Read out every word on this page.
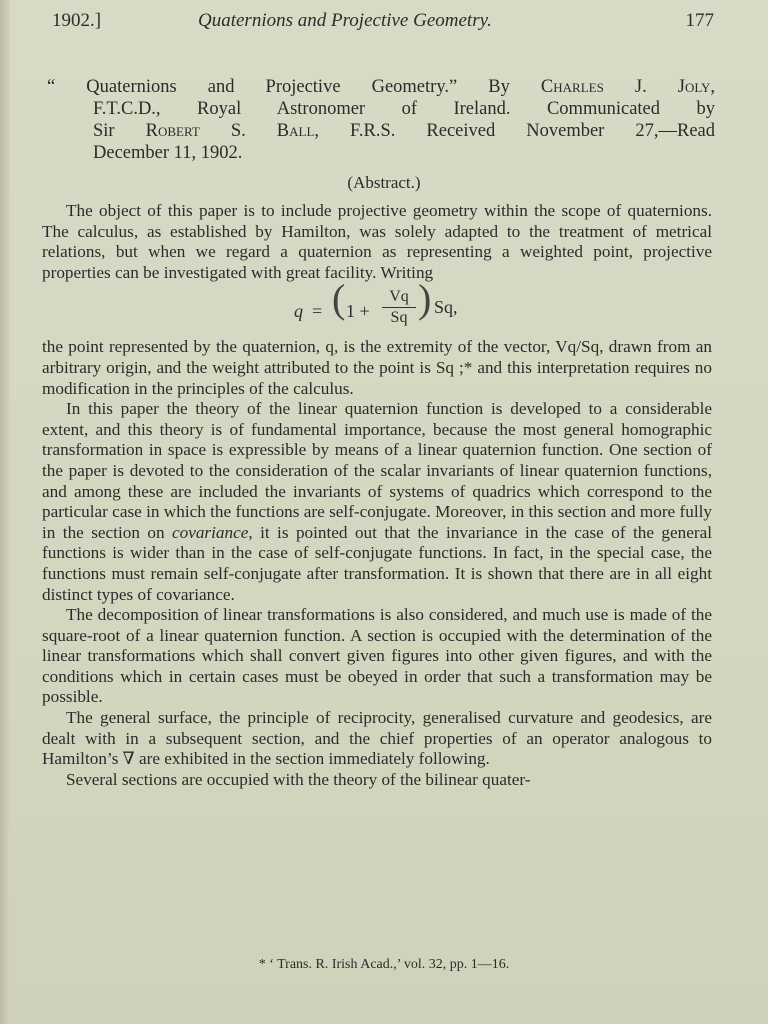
1902.]	Quaternions and Projective Geometry.	177
“ Quaternions and Projective Geometry.” By Charles J. Joly,
F.T.C.D., Royal Astronomer of Ireland. Communicated by
Sir Robert S. Ball, F.R.S. Received November 27,—Read
December 11, 1902.
(Abstract.)

The object of this paper is to include projective geometry within the scope of quaternions. The calculus, as established by Hamilton, was solely adapted to the treatment of metrical relations, but when we regard a quaternion as representing a weighted point, projective properties can be investigated with great facility. Writing

q = ( $1 + \frac{Vq}{Sq}$ ) Sq,

the point represented by the quaternion, q, is the extremity of the vector, Vq/Sq, drawn from an arbitrary origin, and the weight attributed to the point is Sq ;* and this interpretation requires no modification in the principles of the calculus.

In this paper the theory of the linear quaternion function is developed to a considerable extent, and this theory is of fundamental importance, because the most general homographic transformation in space is expressible by means of a linear quaternion function. One section of the paper is devoted to the consideration of the scalar invariants of linear quaternion functions, and among these are included the invariants of systems of quadrics which correspond to the particular case in which the functions are self-conjugate. Moreover, in this section and more fully in the section on covariance, it is pointed out that the invariance in the case of the general functions is wider than in the case of self-conjugate functions. In fact, in the special case, the functions must remain self-conjugate after transformation. It is shown that there are in all eight distinct types of covariance.

The decomposition of linear transformations is also considered, and much use is made of the square-root of a linear quaternion function. A section is occupied with the determination of the linear transformations which shall convert given figures into other given figures, and with the conditions which in certain cases must be obeyed in order that such a transformation may be possible.

The general surface, the principle of reciprocity, generalised curvature and geodesics, are dealt with in a subsequent section, and the chief properties of an operator analogous to Hamilton’s ∇ are exhibited in the section immediately following.

Several sections are occupied with the theory of the bilinear quater-

* ‘ Trans. R. Irish Acad.,’ vol. 32, pp. 1—16.
